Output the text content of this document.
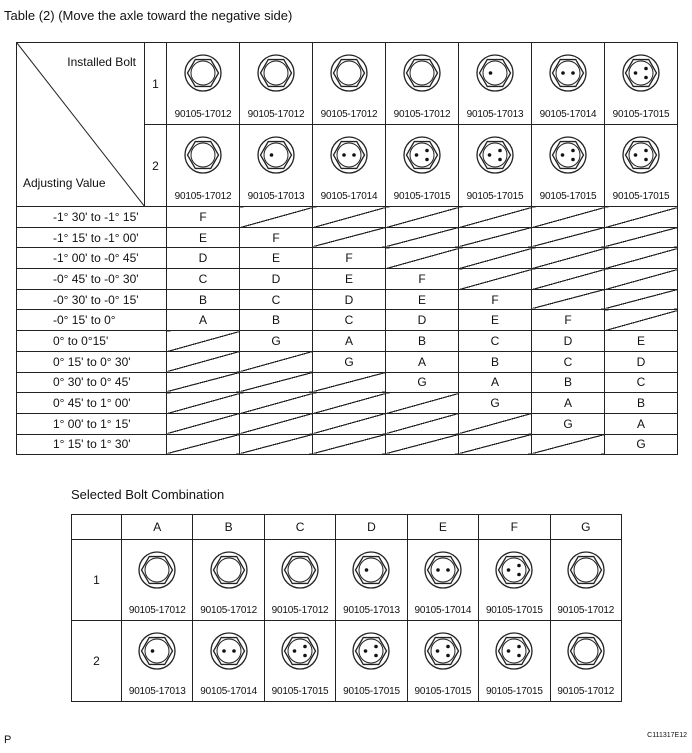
Table (2) (Move the axle toward the negative side)
Installed Bolt
Adjusting Value	1	90105-17012	90105-17012	90105-17012	90105-17012	90105-17013	90105-17014	90105-17015

	2	90105-17012	90105-17013	90105-17014	90105-17015	90105-17015	90105-17015	90105-17015

-1° 30' to -1° 15'		F						
-1° 15' to -1° 00'		E	F					
-1° 00' to -0° 45'		D	E	F				
-0° 45' to -0° 30'		C	D	E	F			
-0° 30' to -0° 15'		B	C	D	E	F		
-0° 15' to 0°		A	B	C	D	E	F	
0° to 0°15'			G	A	B	C	D	E
0° 15' to 0° 30'				G	A	B	C	D
0° 30' to 0° 45'					G	A	B	C
0° 45' to 1° 00'						G	A	B
1° 00' to 1° 15'							G	A
1° 15' to 1° 30'								G
Selected Bolt Combination
	A	B	C	D	E	F	G
1	90105-17012	90105-17012	90105-17012	90105-17013	90105-17014	90105-17015	90105-17012

2	90105-17013	90105-17014	90105-17015	90105-17015	90105-17015	90105-17015	90105-17012
P	C111317E12
